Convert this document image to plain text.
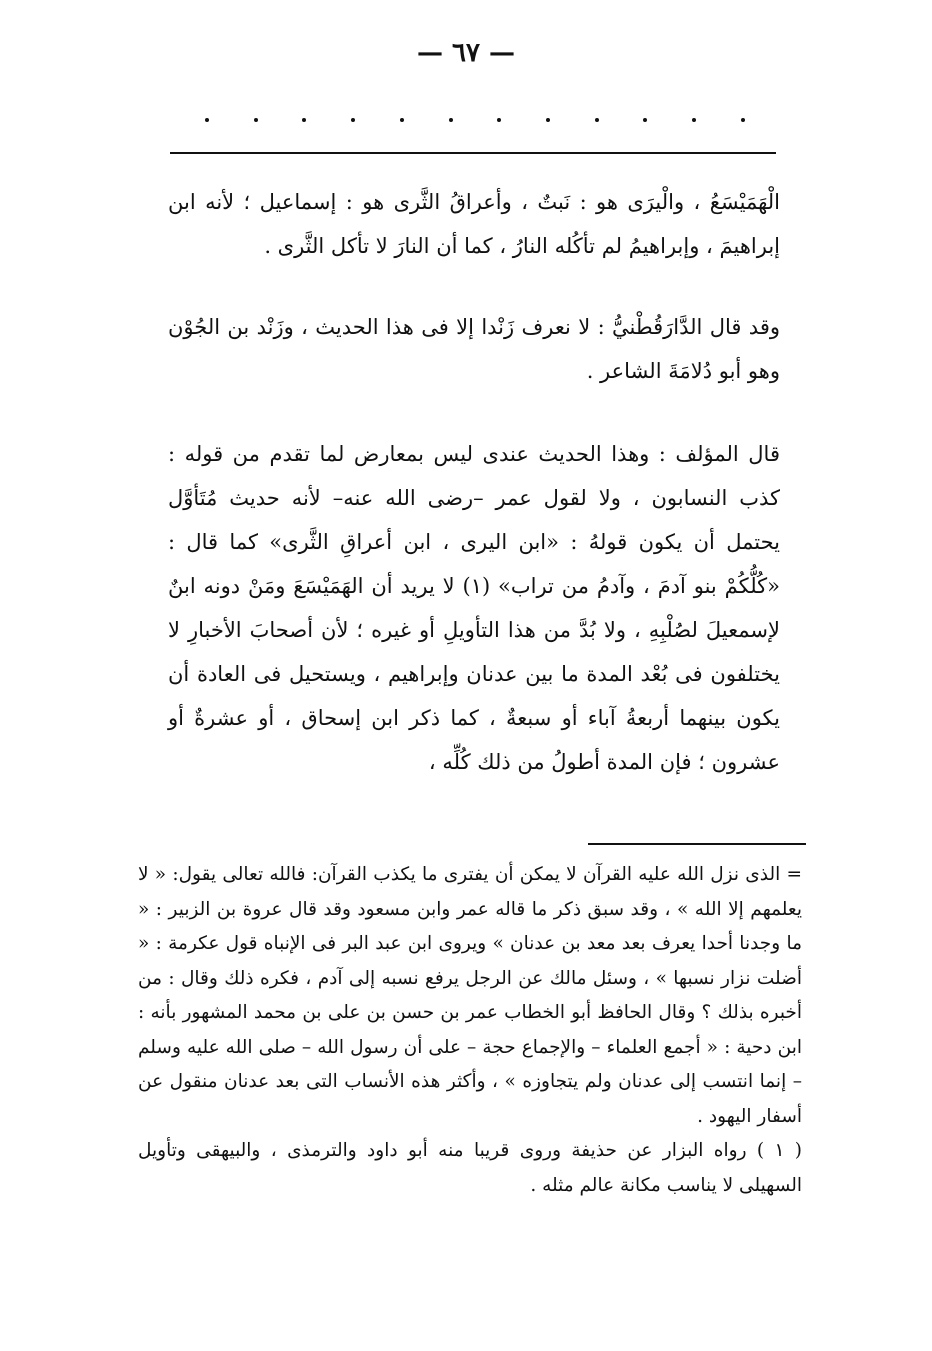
— ٦٧ —

الْهَمَيْسَعُ ، والْيرَى هو : نَبتٌ ، وأعراقُ الثَّرى هو : إسماعيل ؛ لأنه ابن إبراهيمَ ، وإبراهيمُ لم تأكُله النارُ ، كما أن النارَ لا تأكل الثَّرى .

وقد قال الدَّارَقُطْنيُّ : لا نعرف زَنْدا إلا فى هذا الحديث ، وزَنْد بن الجُوْن وهو أبو دُلامَةَ الشاعر .

قال المؤلف : وهذا الحديث عندى ليس بمعارض لما تقدم من قوله : كذب النسابون ، ولا لقول عمر –رضى الله عنه– لأنه حديث مُتَأوَّل يحتمل أن يكون قولهُ : «ابن اليرى ، ابن أعراقِ الثَّرى» كما قال : «كُلُّكُمْ بنو آدمَ ، وآدمُ من تراب» (١) لا يريد أن الهَمَيْسَعَ ومَنْ دونه ابنٌ لإسمعيلَ لصُلْبِهِ ، ولا بُدَّ من هذا التأويلِ أو غيره ؛ لأن أصحابَ الأخبارِ لا يختلفون فى بُعْد المدة ما بين عدنان وإبراهيم ، ويستحيل فى العادة أن يكون بينهما أربعةُ آباء أو سبعةٌ ، كما ذكر ابن إسحاق ، أو عشرةٌ أو عشرون ؛ فإن المدة أطولُ من ذلك كُلِّه ،

= الذى نزل الله عليه القرآن لا يمكن أن يفترى ما يكذب القرآن: فالله تعالى يقول: « لا يعلمهم إلا الله » ، وقد سبق ذكر ما قاله عمر وابن مسعود وقد قال عروة بن الزبير : « ما وجدنا أحدا يعرف بعد معد بن عدنان » ويروى ابن عبد البر فى الإنباه قول عكرمة : « أضلت نزار نسبها » ، وسئل مالك عن الرجل يرفع نسبه إلى آدم ، فكره ذلك وقال : من أخبره بذلك ؟ وقال الحافظ أبو الخطاب عمر بن حسن بن على بن محمد المشهور بأنه : ابن دحية : « أجمع العلماء – والإجماع حجة – على أن رسول الله – صلى الله عليه وسلم – إنما انتسب إلى عدنان ولم يتجاوزه » ، وأكثر هذه الأنساب التى بعد عدنان منقول عن أسفار اليهود .

( ١ ) رواه البزار عن حذيفة وروى قريبا منه أبو داود والترمذى ، والبيهقى وتأويل السهيلى لا يناسب مكانة عالم مثله .
